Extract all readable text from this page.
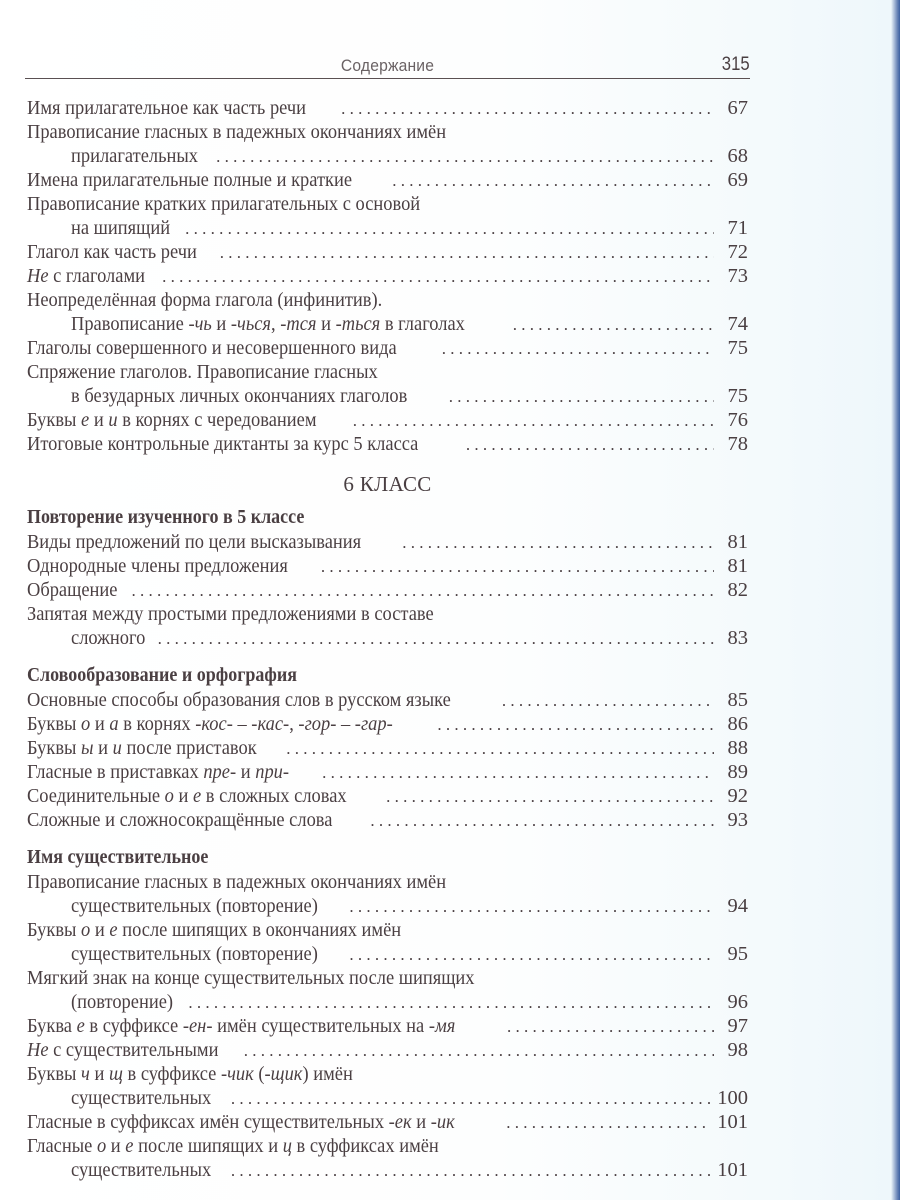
Содержание	315
Имя прилагательное как часть речи . . .	67
Правописание гласных в падежных окончаниях имён
прилагательных . . .	68
Имена прилагательные полные и краткие . . .	69
Правописание кратких прилагательных с основой
на шипящий . . .	71
Глагол как часть речи . . .	72
Не с глаголами . . .	73
Неопределённая форма глагола (инфинитив).
Правописание -чь и -чься, -тся и -ться в глаголах . . .	74
Глаголы совершенного и несовершенного вида . . .	75
Спряжение глаголов. Правописание гласных
в безударных личных окончаниях глаголов . . .	75
Буквы е и и в корнях с чередованием . . .	76
Итоговые контрольные диктанты за курс 5 класса . . .	78
6 КЛАСС
Повторение изученного в 5 классе
Виды предложений по цели высказывания . . .	81
Однородные члены предложения . . .	81
Обращение . . .	82
Запятая между простыми предложениями в составе
сложного . . .	83
Словообразование и орфография
Основные способы образования слов в русском языке . . .	85
Буквы о и а в корнях -кос- – -кас-, -гор- – -гар- . . .	86
Буквы ы и и после приставок . . .	88
Гласные в приставках пре- и при- . . .	89
Соединительные о и е в сложных словах . . .	92
Сложные и сложносокращённые слова . . .	93
Имя существительное
Правописание гласных в падежных окончаниях имён
существительных (повторение) . . .	94
Буквы о и е после шипящих в окончаниях имён
существительных (повторение) . . .	95
Мягкий знак на конце существительных после шипящих
(повторение) . . .	96
Буква е в суффиксе -ен- имён существительных на -мя . . .	97
Не с существительными . . .	98
Буквы ч и щ в суффиксе -чик (-щик) имён
существительных . . .	100
Гласные в суффиксах имён существительных -ек и -ик . . .	101
Гласные о и е после шипящих и ц в суффиксах имён
существительных . . .	101
